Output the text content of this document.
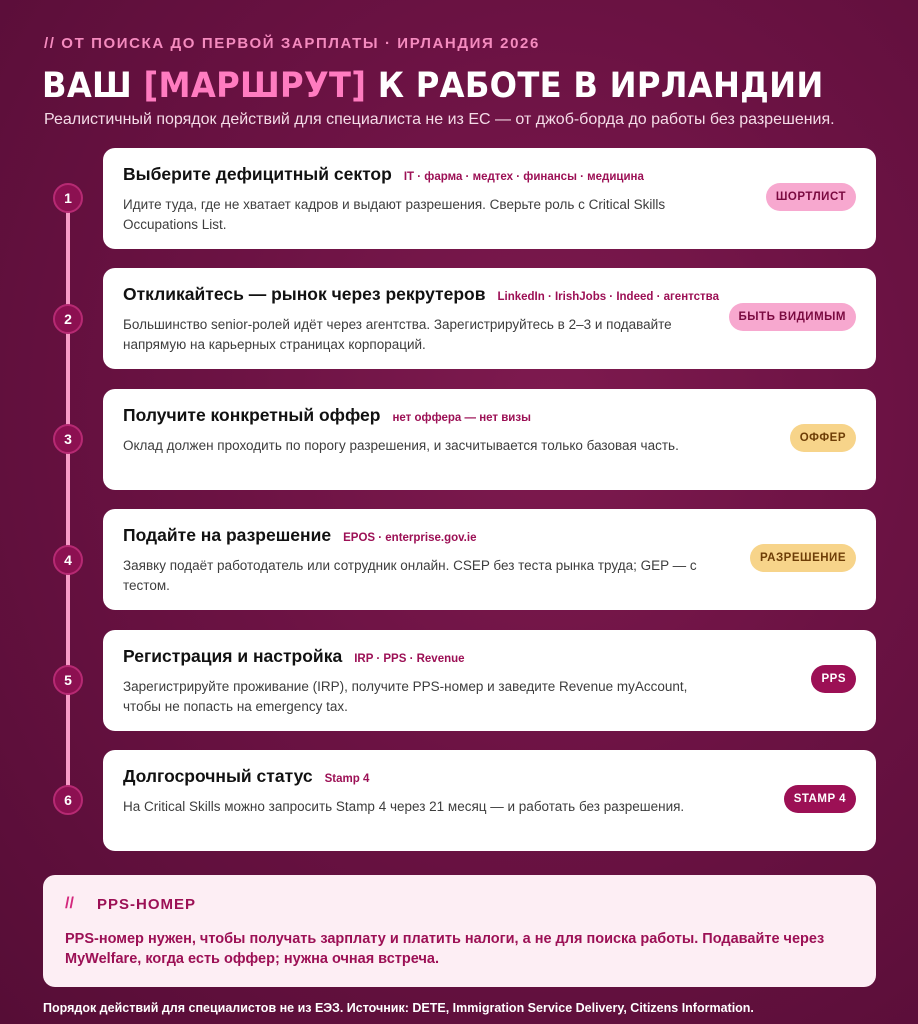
// ОТ ПОИСКА ДО ПЕРВОЙ ЗАРПЛАТЫ · ИРЛАНДИЯ 2026
ВАШ [МАРШРУТ] К РАБОТЕ В ИРЛАНДИИ
Реалистичный порядок действий для специалиста не из ЕС — от джоб-борда до работы без разрешения.
1
Выберите дефицитный сектор IT · фарма · медтех · финансы · медицина
Идите туда, где не хватает кадров и выдают разрешения. Сверьте роль с Critical Skills Occupations List.
ШОРТЛИСТ
2
Откликайтесь — рынок через рекрутеров LinkedIn · IrishJobs · Indeed · агентства
Большинство senior-ролей идёт через агентства. Зарегистрируйтесь в 2–3 и подавайте напрямую на карьерных страницах корпораций.
БЫТЬ ВИДИМЫМ
3
Получите конкретный оффер нет оффера — нет визы
Оклад должен проходить по порогу разрешения, и засчитывается только базовая часть.	ОФФЕР
4
Подайте на разрешение EPOS · enterprise.gov.ie
Заявку подаёт работодатель или сотрудник онлайн. CSEP без теста рынка труда; GEP — с тестом.
РАЗРЕШЕНИЕ
5
Регистрация и настройка IRP · PPS · Revenue
Зарегистрируйте проживание (IRP), получите PPS-номер и заведите Revenue myAccount, чтобы не попасть на emergency tax.
PPS
6
Долгосрочный статус Stamp 4
На Critical Skills можно запросить Stamp 4 через 21 месяц — и работать без разрешения.	STAMP 4
// PPS-НОМЕР
PPS-номер нужен, чтобы получать зарплату и платить налоги, а не для поиска работы. Подавайте через MyWelfare, когда есть оффер; нужна очная встреча.
Порядок действий для специалистов не из ЕЭЗ. Источник: DETE, Immigration Service Delivery, Citizens Information.
